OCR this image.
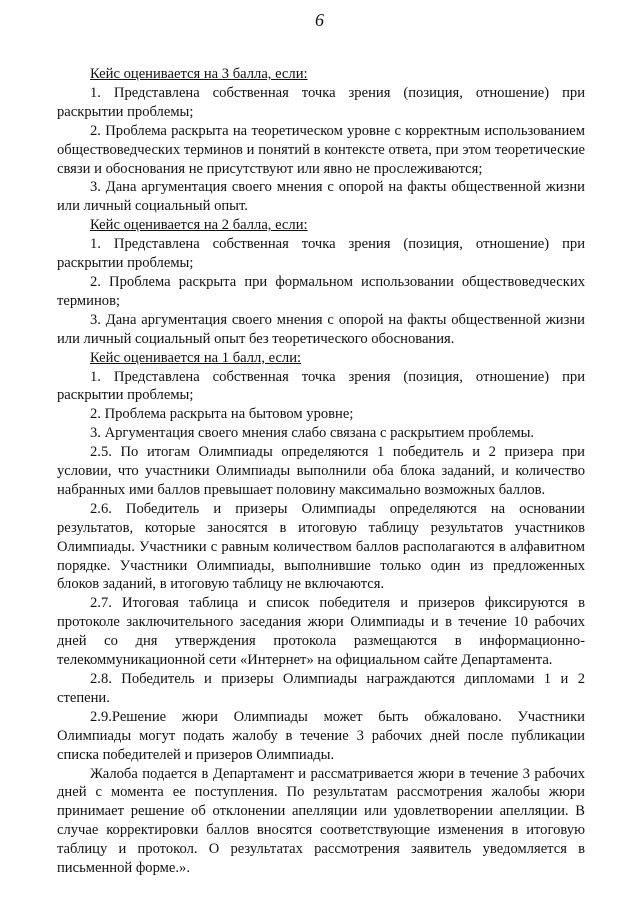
6

Кейс оценивается на 3 балла, если:

1. Представлена собственная точка зрения (позиция, отношение) при раскрытии проблемы;

2. Проблема раскрыта на теоретическом уровне с корректным использованием обществоведческих терминов и понятий в контексте ответа, при этом теоретические связи и обоснования не присутствуют или явно не прослеживаются;

3. Дана аргументация своего мнения с опорой на факты общественной жизни или личный социальный опыт.

Кейс оценивается на 2 балла, если:

1. Представлена собственная точка зрения (позиция, отношение) при раскрытии проблемы;

2. Проблема раскрыта при формальном использовании обществоведческих терминов;

3. Дана аргументация своего мнения с опорой на факты общественной жизни или личный социальный опыт без теоретического обоснования.

Кейс оценивается на 1 балл, если:

1. Представлена собственная точка зрения (позиция, отношение) при раскрытии проблемы;

2. Проблема раскрыта на бытовом уровне;

3. Аргументация своего мнения слабо связана с раскрытием проблемы.

2.5. По итогам Олимпиады определяются 1 победитель и 2 призера при условии, что участники Олимпиады выполнили оба блока заданий, и количество набранных ими баллов превышает половину максимально возможных баллов.

2.6. Победитель и призеры Олимпиады определяются на основании результатов, которые заносятся в итоговую таблицу результатов участников Олимпиады. Участники с равным количеством баллов располагаются в алфавитном порядке. Участники Олимпиады, выполнившие только один из предложенных блоков заданий, в итоговую таблицу не включаются.

2.7. Итоговая таблица и список победителя и призеров фиксируются в протоколе заключительного заседания жюри Олимпиады и в течение 10 рабочих дней со дня утверждения протокола размещаются в информационно-телекоммуникационной сети «Интернет» на официальном сайте Департамента.

2.8. Победитель и призеры Олимпиады награждаются дипломами 1 и 2 степени.

2.9.Решение жюри Олимпиады может быть обжаловано. Участники Олимпиады могут подать жалобу в течение 3 рабочих дней после публикации списка победителей и призеров Олимпиады.

Жалоба подается в Департамент и рассматривается жюри в течение 3 рабочих дней с момента ее поступления. По результатам рассмотрения жалобы жюри принимает решение об отклонении апелляции или удовлетворении апелляции. В случае корректировки баллов вносятся соответствующие изменения в итоговую таблицу и протокол. О результатах рассмотрения заявитель уведомляется в письменной форме.».
